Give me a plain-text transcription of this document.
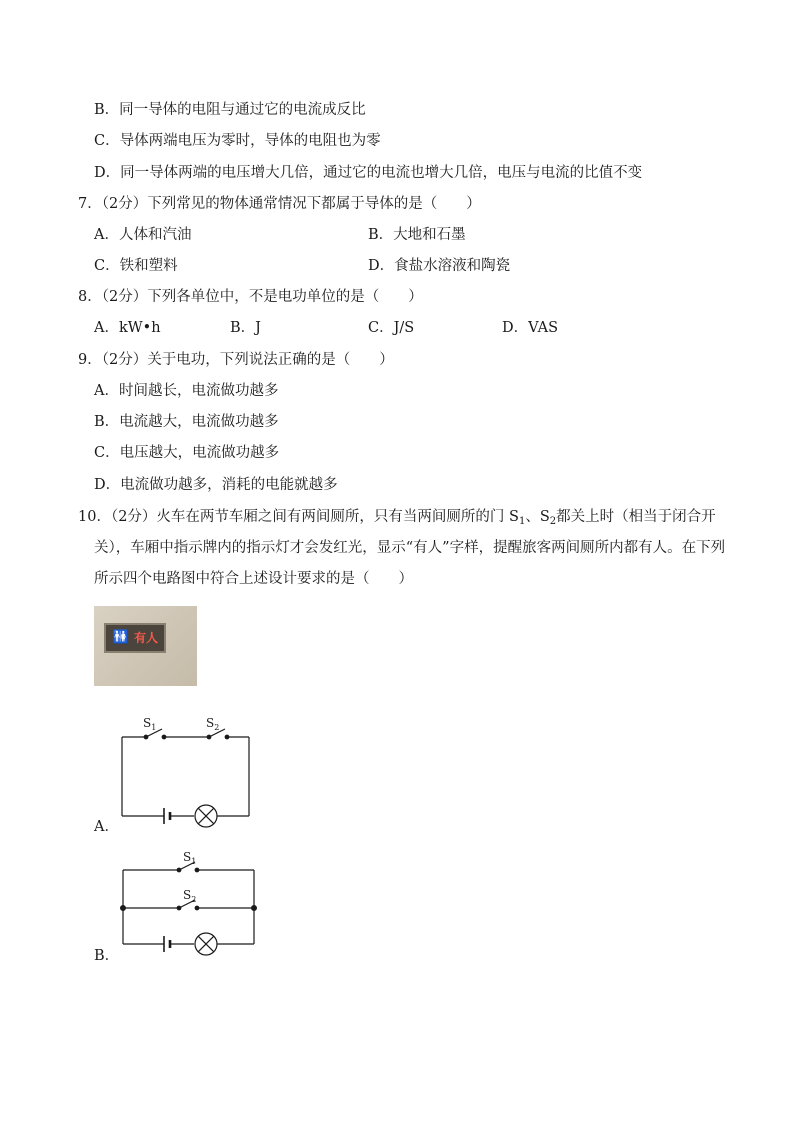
B．同一导体的电阻与通过它的电流成反比
C．导体两端电压为零时，导体的电阻也为零
D．同一导体两端的电压增大几倍，通过它的电流也增大几倍，电压与电流的比值不变
7．（2分）下列常见的物体通常情况下都属于导体的是（　　）
A．人体和汽油	B．大地和石墨
C．铁和塑料	D．食盐水溶液和陶瓷
8．（2分）下列各单位中，不是电功单位的是（　　）
A．kW•h	B．J	C．J/S	D．VAS
9．（2分）关于电功，下列说法正确的是（　　）
A．时间越长，电流做功越多
B．电流越大，电流做功越多
C．电压越大，电流做功越多
D．电流做功越多，消耗的电能就越多
10．（2分）火车在两节车厢之间有两间厕所，只有当两间厕所的门 $S_1$、$S_2$都关上时（相当于闭合开
关），车厢中指示牌内的指示灯才会发红光，显示“有人”字样，提醒旅客两间厕所内都有人。在下列
所示四个电路图中符合上述设计要求的是（　　）
🚻 有人
$S_1$	$S_2$
A．
$S_1$
$S_2$
B．
